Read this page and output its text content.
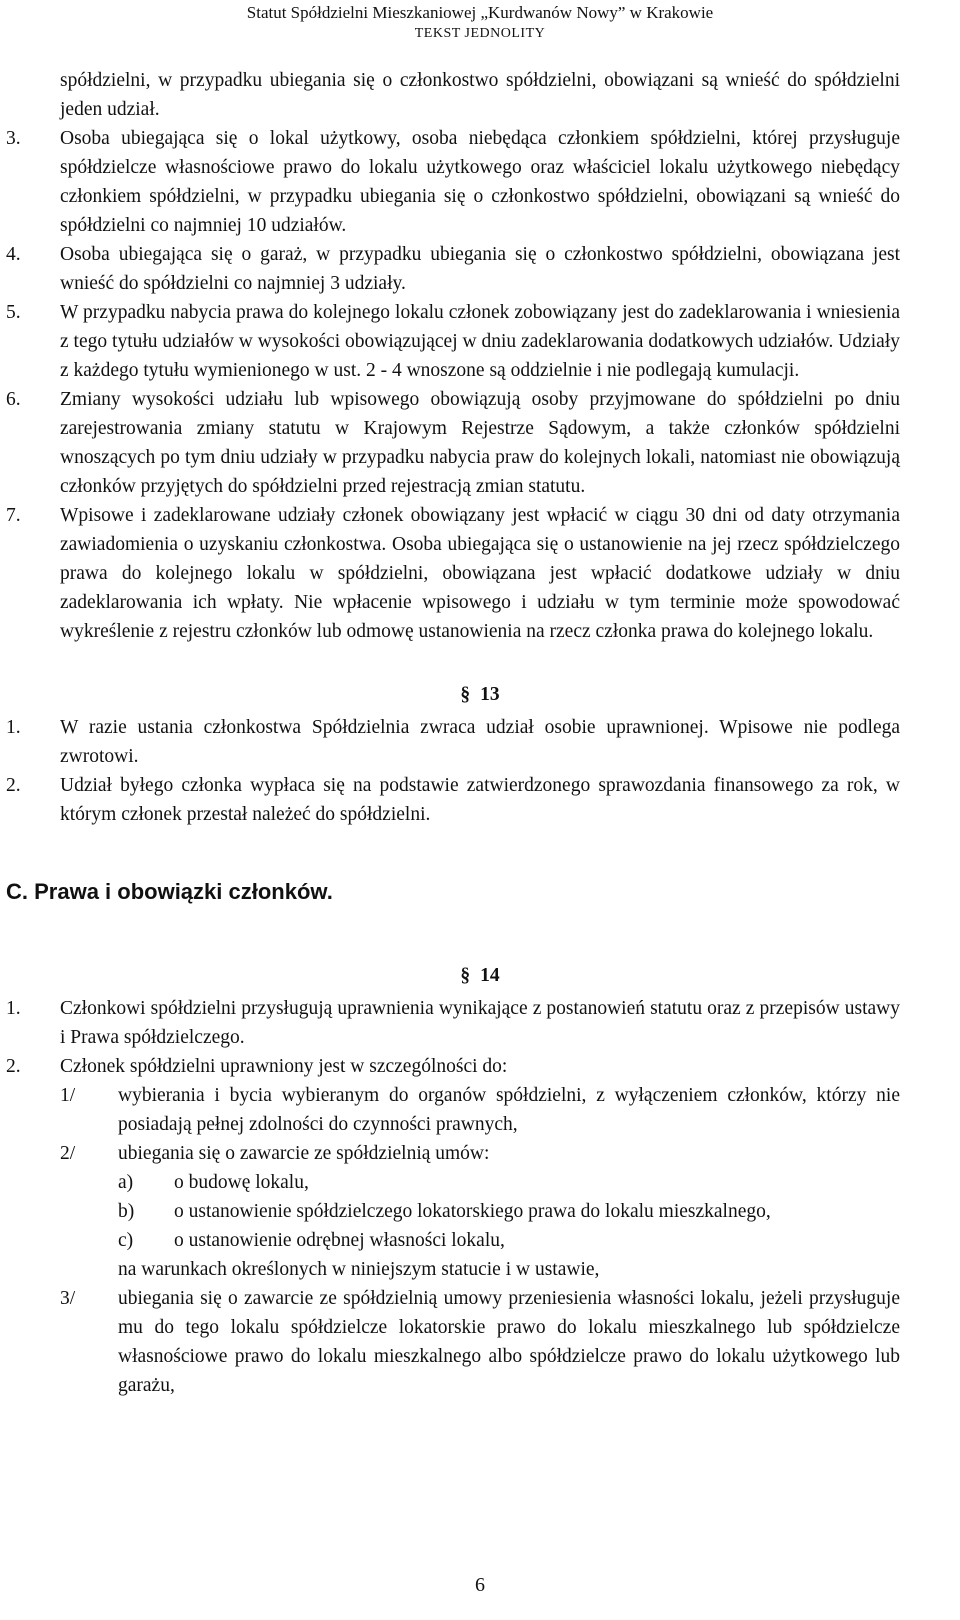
Statut Spółdzielni Mieszkaniowej „Kurdwanów Nowy” w Krakowie
TEKST JEDNOLITY

spółdzielni, w przypadku ubiegania się o członkostwo spółdzielni, obowiązani są wnieść do spółdzielni jeden udział.

3. Osoba ubiegająca się o lokal użytkowy, osoba niebędąca członkiem spółdzielni, której przysługuje spółdzielcze własnościowe prawo do lokalu użytkowego oraz właściciel lokalu użytkowego niebędący członkiem spółdzielni, w przypadku ubiegania się o członkostwo spółdzielni, obowiązani są wnieść do spółdzielni co najmniej 10 udziałów.
4. Osoba ubiegająca się o garaż, w przypadku ubiegania się o członkostwo spółdzielni, obowiązana jest wnieść do spółdzielni co najmniej 3 udziały.
5. W przypadku nabycia prawa do kolejnego lokalu członek zobowiązany jest do zadeklarowania i wniesienia z tego tytułu udziałów w wysokości obowiązującej w dniu zadeklarowania dodatkowych udziałów. Udziały z każdego tytułu wymienionego w ust. 2 - 4 wnoszone są oddzielnie i nie podlegają kumulacji.
6. Zmiany wysokości udziału lub wpisowego obowiązują osoby przyjmowane do spółdzielni po dniu zarejestrowania zmiany statutu w Krajowym Rejestrze Sądowym, a także członków spółdzielni wnoszących po tym dniu udziały w przypadku nabycia praw do kolejnych lokali, natomiast nie obowiązują członków przyjętych do spółdzielni przed rejestracją zmian statutu.
7. Wpisowe i zadeklarowane udziały członek obowiązany jest wpłacić w ciągu 30 dni od daty otrzymania zawiadomienia o uzyskaniu członkostwa. Osoba ubiegająca się o ustanowienie na jej rzecz spółdzielczego prawa do kolejnego lokalu w spółdzielni, obowiązana jest wpłacić dodatkowe udziały w dniu zadeklarowania ich wpłaty. Nie wpłacenie wpisowego i udziału w tym terminie może spowodować wykreślenie z rejestru członków lub odmowę ustanowienia na rzecz członka prawa do kolejnego lokalu.
§ 13
1. W razie ustania członkostwa Spółdzielnia zwraca udział osobie uprawnionej. Wpisowe nie podlega zwrotowi.
2. Udział byłego członka wypłaca się na podstawie zatwierdzonego sprawozdania finansowego za rok, w którym członek przestał należeć do spółdzielni.
C. Prawa i obowiązki członków.
§ 14
1. Członkowi spółdzielni przysługują uprawnienia wynikające z postanowień statutu oraz z przepisów ustawy i Prawa spółdzielczego.
2. Członek spółdzielni uprawniony jest w szczególności do:
1/	wybierania i bycia wybieranym do organów spółdzielni, z wyłączeniem członków, którzy nie posiadają pełnej zdolności do czynności prawnych,
2/	ubiegania się o zawarcie ze spółdzielnią umów:
a)	o budowę lokalu,
b)	o ustanowienie spółdzielczego lokatorskiego prawa do lokalu mieszkalnego,
c)	o ustanowienie odrębnej własności lokalu,
na warunkach określonych w niniejszym statucie i w ustawie,
3/	ubiegania się o zawarcie ze spółdzielnią umowy przeniesienia własności lokalu, jeżeli przysługuje mu do tego lokalu spółdzielcze lokatorskie prawo do lokalu mieszkalnego lub spółdzielcze własnościowe prawo do lokalu mieszkalnego albo spółdzielcze prawo do lokalu użytkowego lub garażu,
6
